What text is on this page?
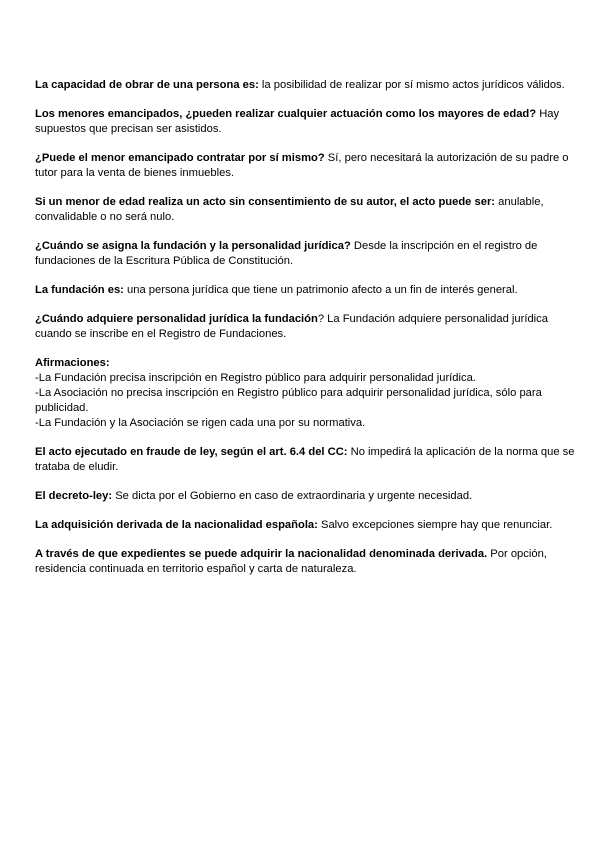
La capacidad de obrar de una persona es: la posibilidad de realizar por sí mismo actos jurídicos válidos.

Los menores emancipados, ¿pueden realizar cualquier actuación como los mayores de edad? Hay supuestos que precisan ser asistidos.

¿Puede el menor emancipado contratar por sí mismo? Sí, pero necesitará la autorización de su padre o tutor para la venta de bienes inmuebles.

Si un menor de edad realiza un acto sin consentimiento de su autor, el acto puede ser: anulable, convalidable o no será nulo.

¿Cuándo se asigna la fundación y la personalidad jurídica? Desde la inscripción en el registro de fundaciones de la Escritura Pública de Constitución.

La fundación es: una persona jurídica que tiene un patrimonio afecto a un fin de interés general.

¿Cuándo adquiere personalidad jurídica la fundación? La Fundación adquiere personalidad jurídica cuando se inscribe en el Registro de Fundaciones.

Afirmaciones:
-La Fundación precisa inscripción en Registro público para adquirir personalidad jurídica.
-La Asociación no precisa inscripción en Registro público para adquirir personalidad jurídica, sólo para publicidad.
-La Fundación y la Asociación se rigen cada una por su normativa.

El acto ejecutado en fraude de ley, según el art. 6.4 del CC: No impedirá la aplicación de la norma que se trataba de eludir.

El decreto-ley: Se dicta por el Gobierno en caso de extraordinaria y urgente necesidad.

La adquisición derivada de la nacionalidad española: Salvo excepciones siempre hay que renunciar.

A través de que expedientes se puede adquirir la nacionalidad denominada derivada. Por opción, residencia continuada en territorio español y carta de naturaleza.
